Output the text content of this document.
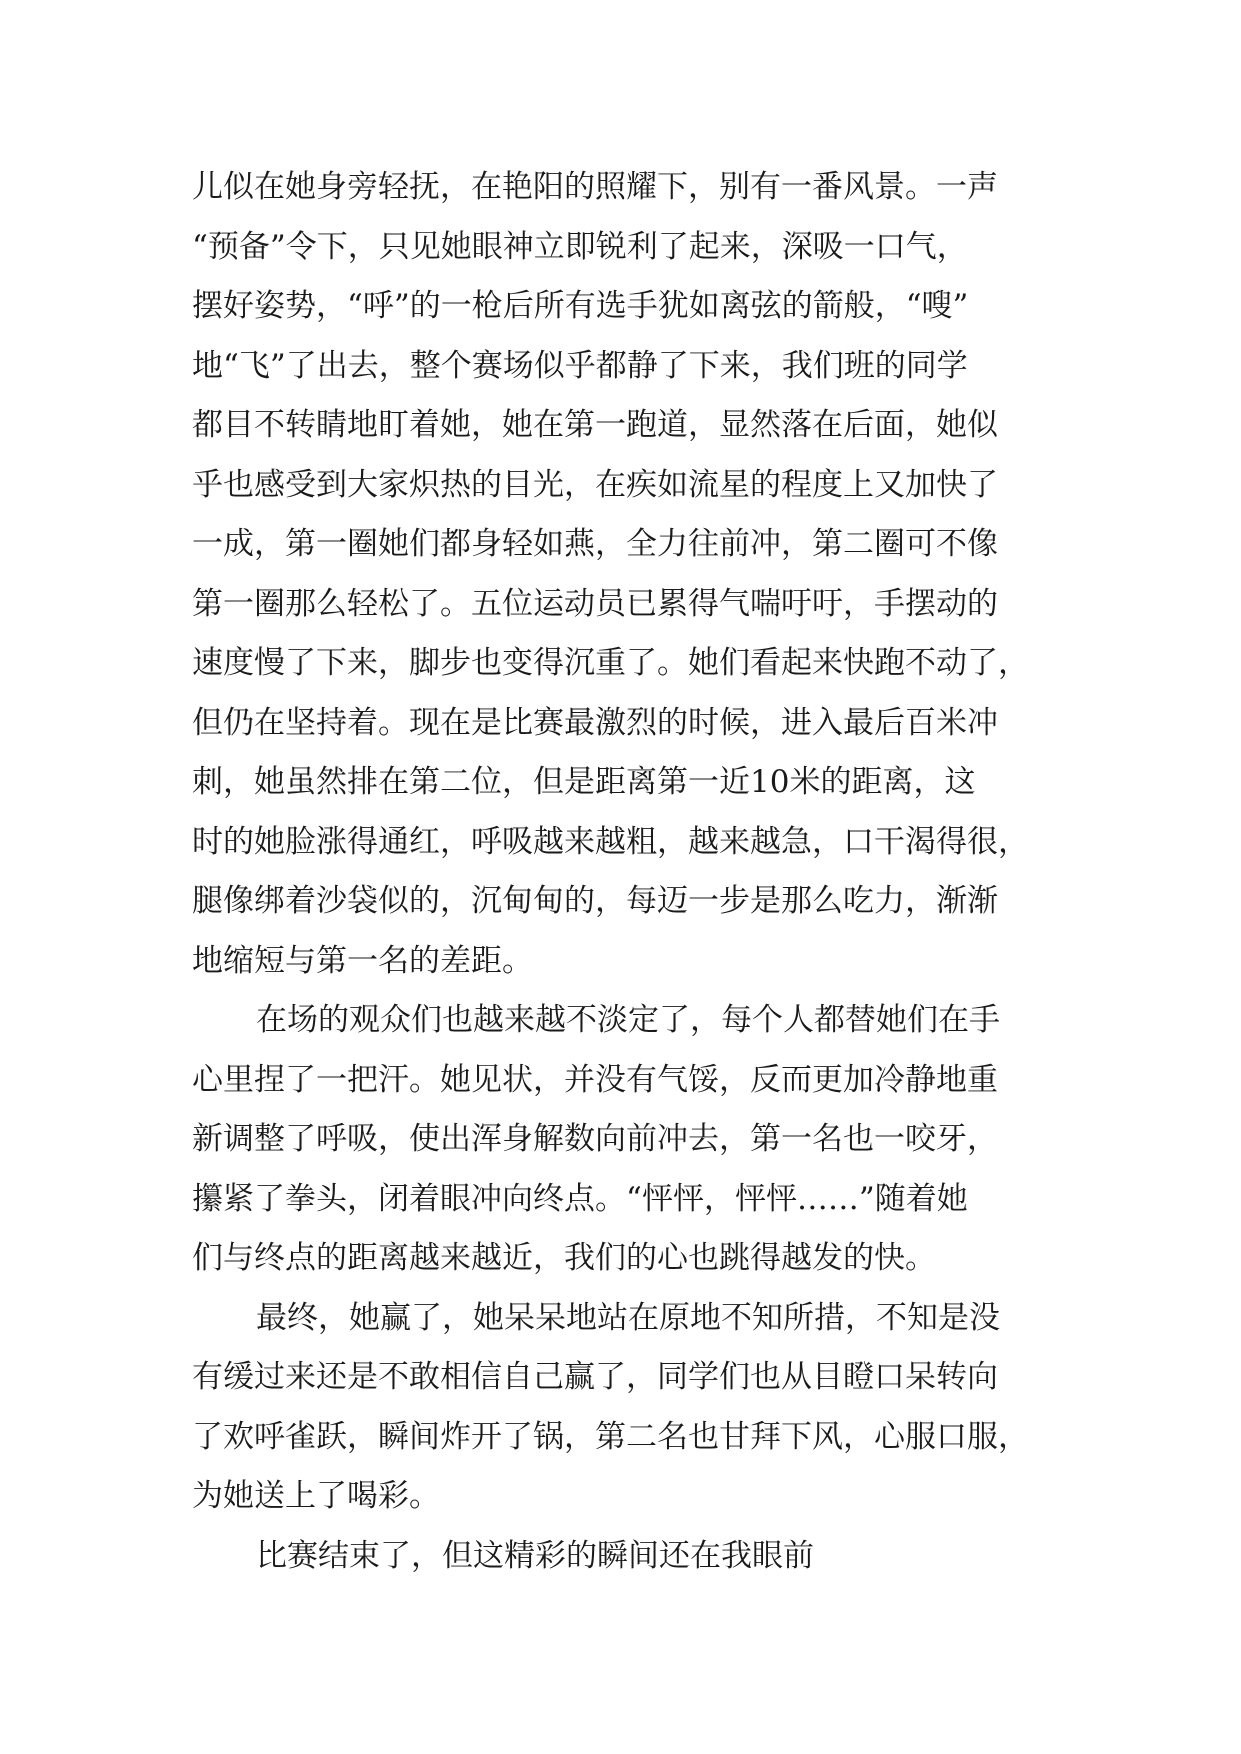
儿似在她身旁轻抚，在艳阳的照耀下，别有一番风景。一声
“预备”令下，只见她眼神立即锐利了起来，深吸一口气，
摆好姿势，“呼”的一枪后所有选手犹如离弦的箭般，“嗖”
地“飞”了出去，整个赛场似乎都静了下来，我们班的同学
都目不转睛地盯着她，她在第一跑道，显然落在后面，她似
乎也感受到大家炽热的目光，在疾如流星的程度上又加快了
一成，第一圈她们都身轻如燕，全力往前冲，第二圈可不像
第一圈那么轻松了。五位运动员已累得气喘吁吁，手摆动的
速度慢了下来，脚步也变得沉重了。她们看起来快跑不动了，
但仍在坚持着。现在是比赛最激烈的时候，进入最后百米冲
刺，她虽然排在第二位，但是距离第一近10米的距离，这
时的她脸涨得通红，呼吸越来越粗，越来越急，口干渴得很，
腿像绑着沙袋似的，沉甸甸的，每迈一步是那么吃力，渐渐
地缩短与第一名的差距。
在场的观众们也越来越不淡定了，每个人都替她们在手
心里捏了一把汗。她见状，并没有气馁，反而更加冷静地重
新调整了呼吸，使出浑身解数向前冲去，第一名也一咬牙，
攥紧了拳头，闭着眼冲向终点。“怦怦，怦怦……”随着她
们与终点的距离越来越近，我们的心也跳得越发的快。
最终，她赢了，她呆呆地站在原地不知所措，不知是没
有缓过来还是不敢相信自己赢了，同学们也从目瞪口呆转向
了欢呼雀跃，瞬间炸开了锅，第二名也甘拜下风，心服口服，
为她送上了喝彩。
比赛结束了，但这精彩的瞬间还在我眼前
